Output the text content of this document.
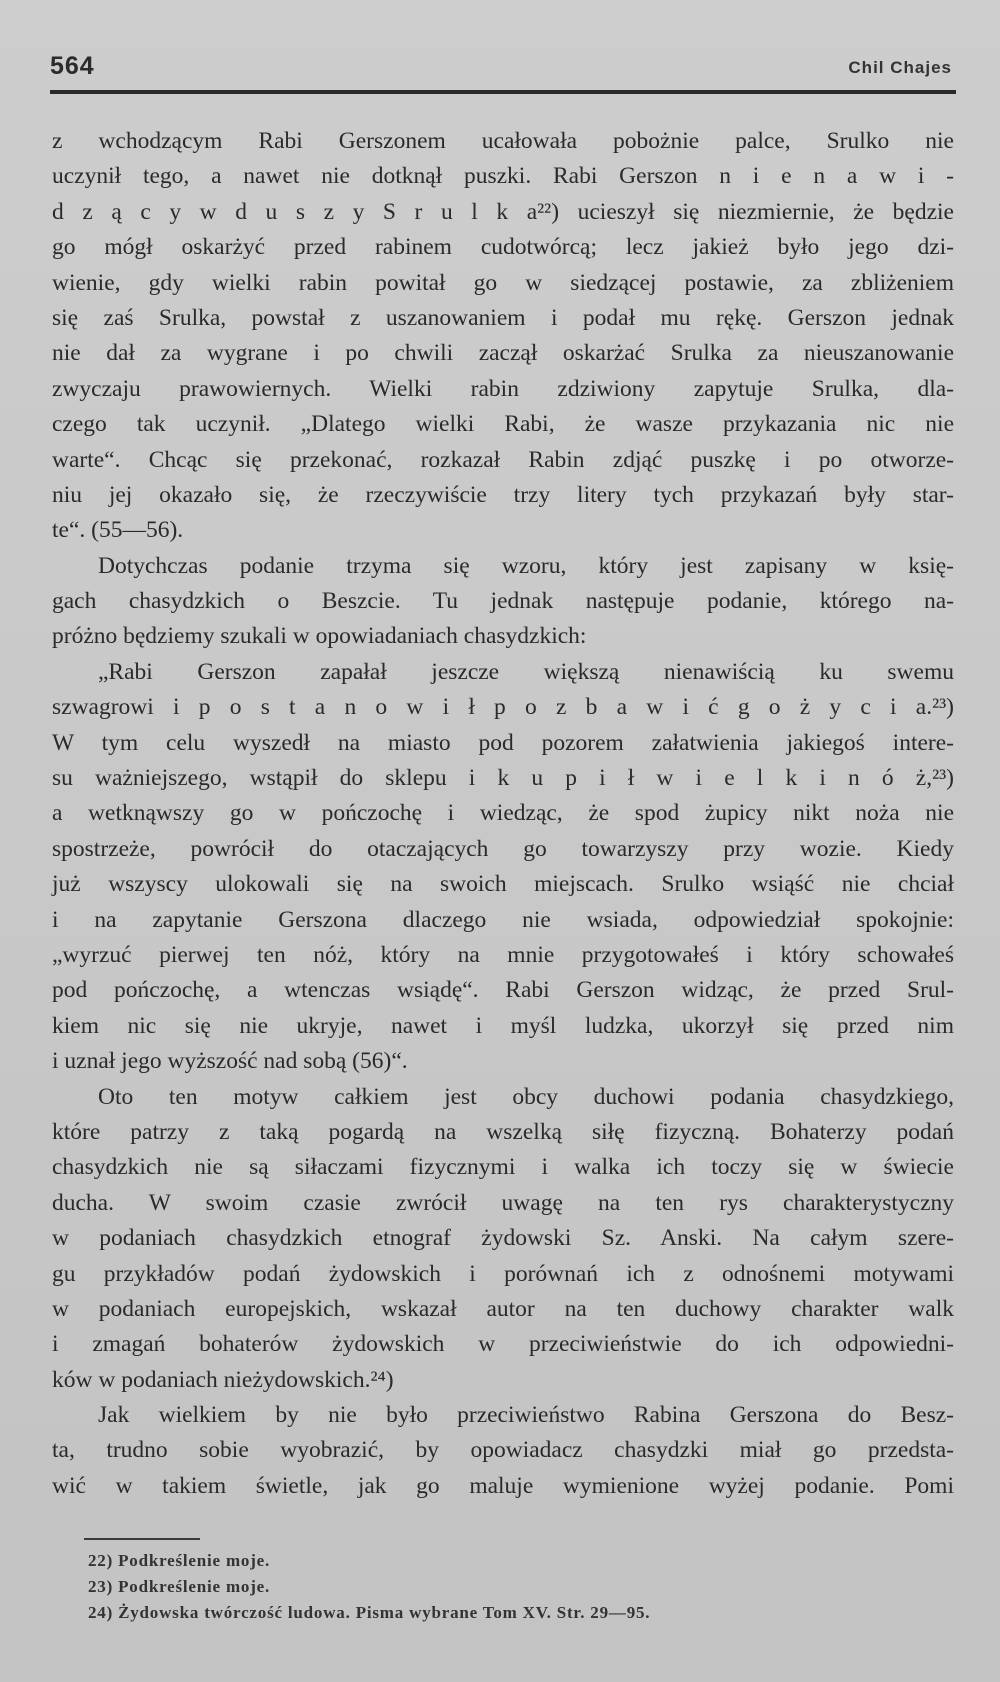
564	Chil Chajes
z wchodzącym Rabi Gerszonem ucałowała pobożnie palce, Srulko nie
uczynił tego, a nawet nie dotknął puszki. Rabi Gerszon n i e n a w i -
d z ą c y w d u s z y S r u l k a²²) ucieszył się niezmiernie, że będzie
go mógł oskarżyć przed rabinem cudotwórcą; lecz jakież było jego dzi-
wienie, gdy wielki rabin powitał go w siedzącej postawie, za zbliżeniem
się zaś Srulka, powstał z uszanowaniem i podał mu rękę. Gerszon jednak
nie dał za wygrane i po chwili zaczął oskarżać Srulka za nieuszanowanie
zwyczaju prawowiernych. Wielki rabin zdziwiony zapytuje Srulka, dla-
czego tak uczynił. „Dlatego wielki Rabi, że wasze przykazania nic nie
warte“. Chcąc się przekonać, rozkazał Rabin zdjąć puszkę i po otworze-
niu jej okazało się, że rzeczywiście trzy litery tych przykazań były star-
te“. (55—56).
Dotychczas podanie trzyma się wzoru, który jest zapisany w księ-
gach chasydzkich o Beszcie. Tu jednak następuje podanie, którego na-
próżno będziemy szukali w opowiadaniach chasydzkich:
„Rabi Gerszon zapałał jeszcze większą nienawiścią ku swemu
szwagrowi i p o s t a n o w i ł p o z b a w i ć g o ż y c i a.²³)
W tym celu wyszedł na miasto pod pozorem załatwienia jakiegoś intere-
su ważniejszego, wstąpił do sklepu i k u p i ł w i e l k i n ó ż,²³)
a wetknąwszy go w pończochę i wiedząc, że spod żupicy nikt noża nie
spostrzeże, powrócił do otaczających go towarzyszy przy wozie. Kiedy
już wszyscy ulokowali się na swoich miejscach. Srulko wsiąść nie chciał
i na zapytanie Gerszona dlaczego nie wsiada, odpowiedział spokojnie:
„wyrzuć pierwej ten nóż, który na mnie przygotowałeś i który schowałeś
pod pończochę, a wtenczas wsiądę“. Rabi Gerszon widząc, że przed Srul-
kiem nic się nie ukryje, nawet i myśl ludzka, ukorzył się przed nim
i uznał jego wyższość nad sobą (56)“.
Oto ten motyw całkiem jest obcy duchowi podania chasydzkiego,
które patrzy z taką pogardą na wszelką siłę fizyczną. Bohaterzy podań
chasydzkich nie są siłaczami fizycznymi i walka ich toczy się w świecie
ducha. W swoim czasie zwrócił uwagę na ten rys charakterystyczny
w podaniach chasydzkich etnograf żydowski Sz. Anski. Na całym szere-
gu przykładów podań żydowskich i porównań ich z odnośnemi motywami
w podaniach europejskich, wskazał autor na ten duchowy charakter walk
i zmagań bohaterów żydowskich w przeciwieństwie do ich odpowiedni-
ków w podaniach nieżydowskich.²⁴)
Jak wielkiem by nie było przeciwieństwo Rabina Gerszona do Besz-
ta, trudno sobie wyobrazić, by opowiadacz chasydzki miał go przedsta-
wić w takiem świetle, jak go maluje wymienione wyżej podanie. Pomi
22) Podkreślenie moje.
23) Podkreślenie moje.
24) Żydowska twórczość ludowa. Pisma wybrane Tom XV. Str. 29—95.
